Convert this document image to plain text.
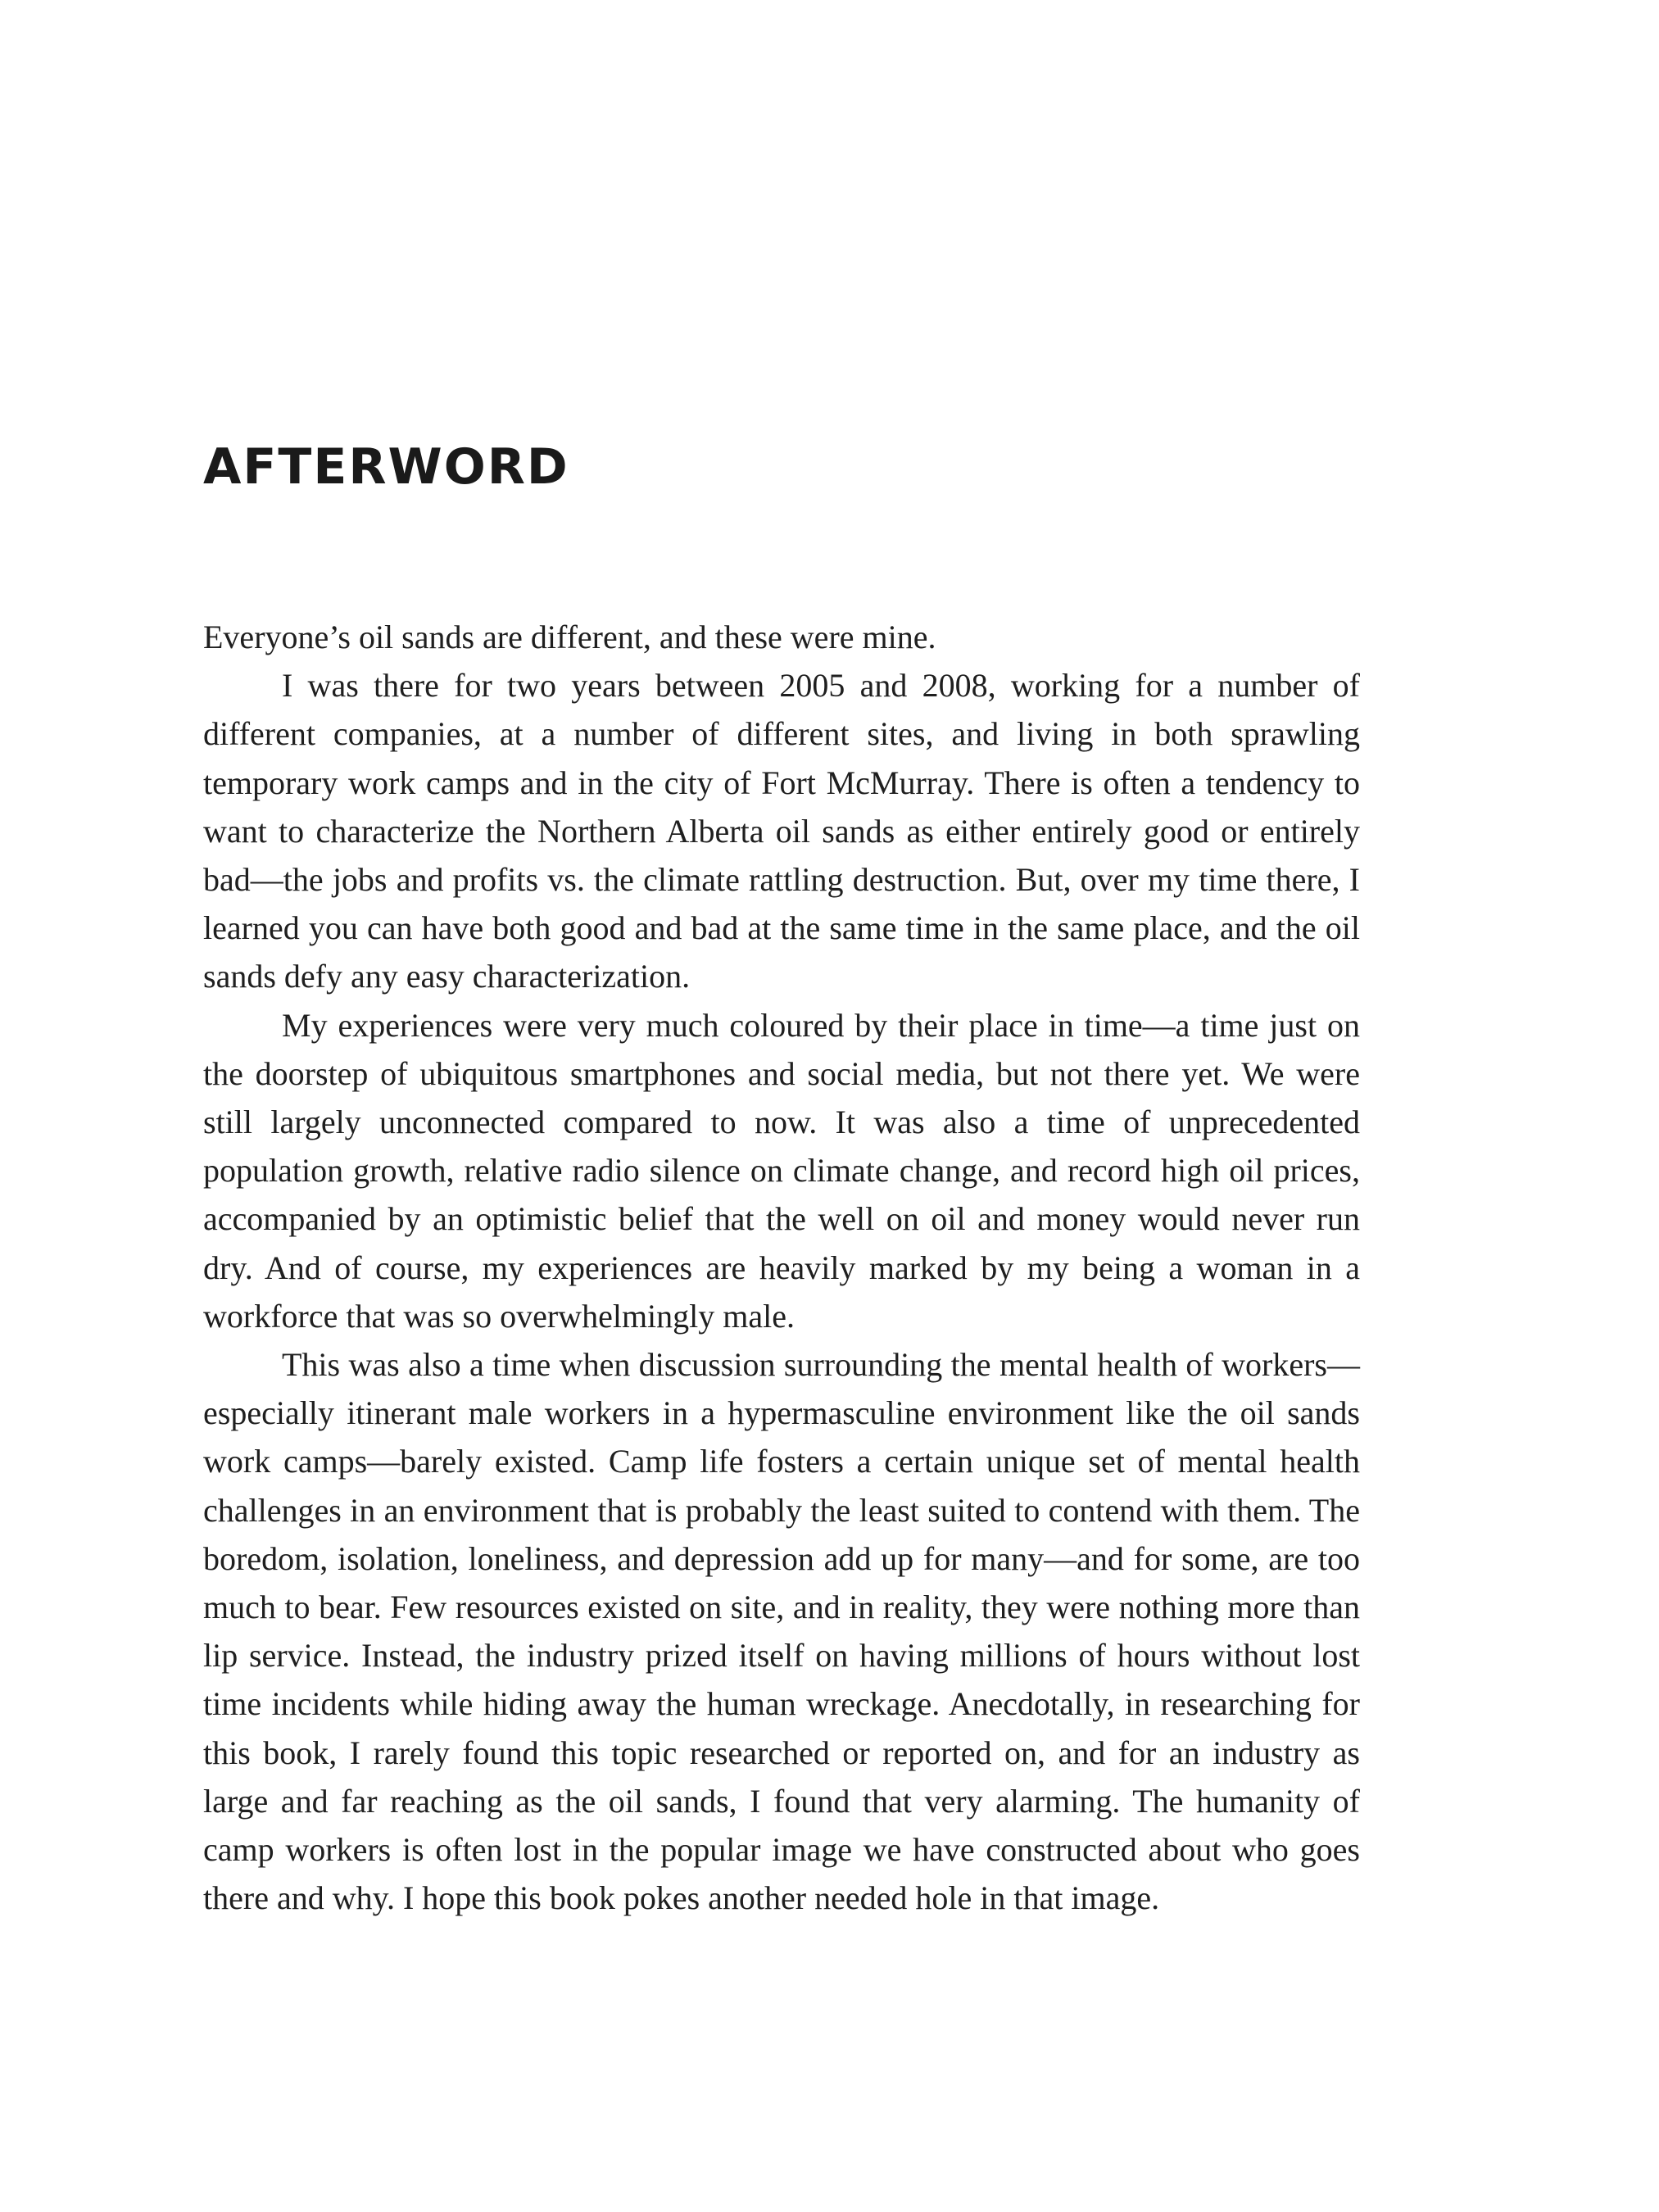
AFTERWORD

Everyone’s oil sands are different, and these were mine.

I was there for two years between 2005 and 2008, working for a number of different companies, at a number of different sites, and living in both sprawling temporary work camps and in the city of Fort McMurray. There is often a tendency to want to characterize the Northern Alberta oil sands as either entirely good or entirely bad—the jobs and profits vs. the climate rattling destruction. But, over my time there, I learned you can have both good and bad at the same time in the same place, and the oil sands defy any easy characterization.

My experiences were very much coloured by their place in time—a time just on the doorstep of ubiquitous smartphones and social media, but not there yet. We were still largely unconnected compared to now. It was also a time of unprecedented population growth, relative radio silence on climate change, and record high oil prices, accompanied by an optimistic belief that the well on oil and money would never run dry. And of course, my experiences are heavily marked by my being a woman in a workforce that was so overwhelmingly male.

This was also a time when discussion surrounding the mental health of workers—especially itinerant male workers in a hypermasculine environment like the oil sands work camps—barely existed. Camp life fosters a certain unique set of mental health challenges in an environment that is probably the least suited to contend with them. The boredom, isolation, loneliness, and depression add up for many—and for some, are too much to bear. Few resources existed on site, and in reality, they were nothing more than lip service. Instead, the industry prized itself on having millions of hours without lost time incidents while hiding away the human wreckage. Anecdotally, in researching for this book, I rarely found this topic researched or reported on, and for an industry as large and far reaching as the oil sands, I found that very alarming. The humanity of camp workers is often lost in the popular image we have constructed about who goes there and why. I hope this book pokes another needed hole in that image.
